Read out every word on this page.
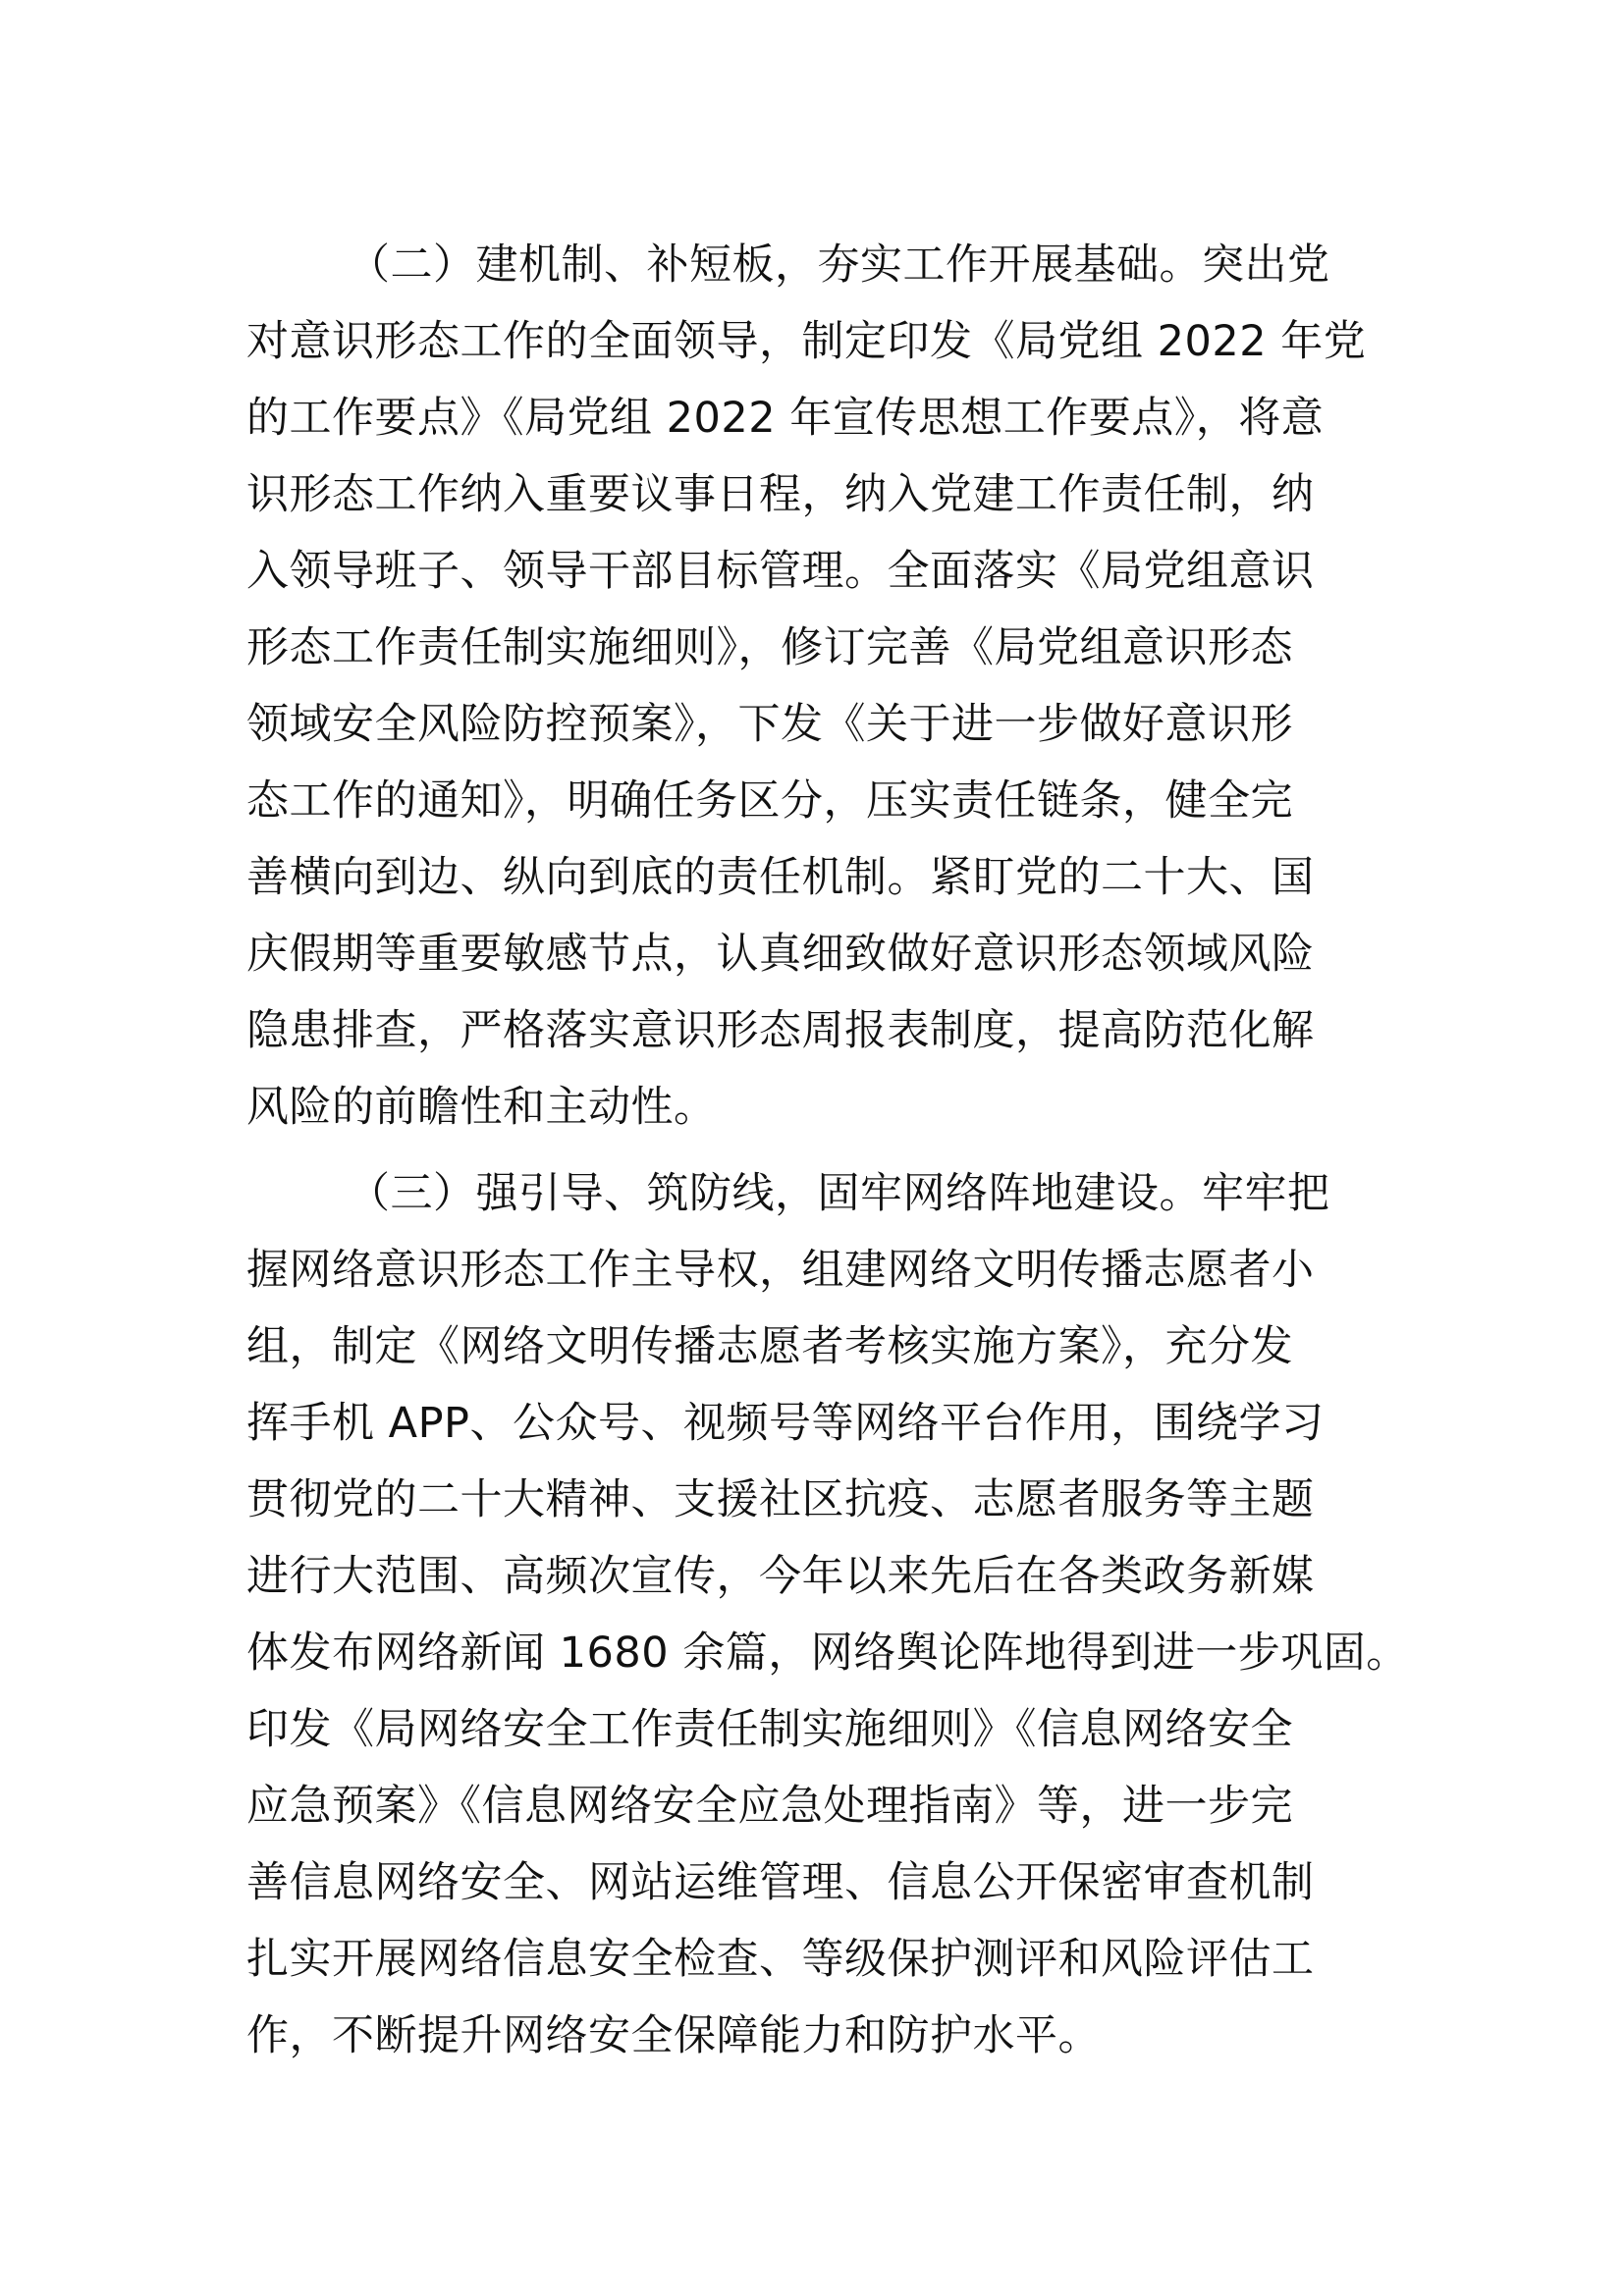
（二）建机制、补短板，夯实工作开展基础。突出党
对意识形态工作的全面领导，制定印发《局党组 2022 年党
的工作要点》《局党组 2022 年宣传思想工作要点》，将意
识形态工作纳入重要议事日程，纳入党建工作责任制，纳
入领导班子、领导干部目标管理。全面落实《局党组意识
形态工作责任制实施细则》，修订完善《局党组意识形态
领域安全风险防控预案》，下发《关于进一步做好意识形
态工作的通知》，明确任务区分，压实责任链条，健全完
善横向到边、纵向到底的责任机制。紧盯党的二十大、国
庆假期等重要敏感节点，认真细致做好意识形态领域风险
隐患排查，严格落实意识形态周报表制度，提高防范化解
风险的前瞻性和主动性。
（三）强引导、筑防线，固牢网络阵地建设。牢牢把
握网络意识形态工作主导权，组建网络文明传播志愿者小
组，制定《网络文明传播志愿者考核实施方案》，充分发
挥手机 APP、公众号、视频号等网络平台作用，围绕学习
贯彻党的二十大精神、支援社区抗疫、志愿者服务等主题
进行大范围、高频次宣传，今年以来先后在各类政务新媒
体发布网络新闻 1680 余篇，网络舆论阵地得到进一步巩固。
印发《局网络安全工作责任制实施细则》《信息网络安全
应急预案》《信息网络安全应急处理指南》等，进一步完
善信息网络安全、网站运维管理、信息公开保密审查机制
扎实开展网络信息安全检查、等级保护测评和风险评估工
作，不断提升网络安全保障能力和防护水平。
